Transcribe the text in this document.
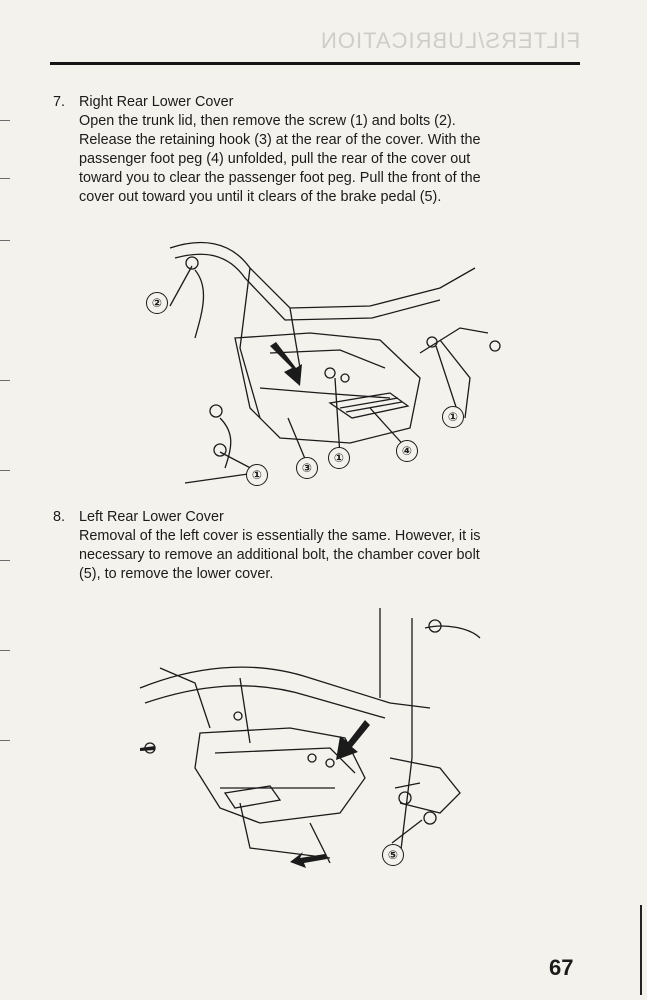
FILTERS/LUBRICATION
7. Right Rear Lower Cover
Open the trunk lid, then remove the screw (1) and bolts (2).
Release the retaining hook (3) at the rear of the cover. With the
passenger foot peg (4) unfolded, pull the rear of the cover out
toward you to clear the passenger foot peg. Pull the front of the
cover out toward you until it clears of the brake pedal (5).
②
①
①	③
①	④
8. Left Rear Lower Cover
Removal of the left cover is essentially the same. However, it is
necessary to remove an additional bolt, the chamber cover bolt
(5), to remove the lower cover.
⑤
67
